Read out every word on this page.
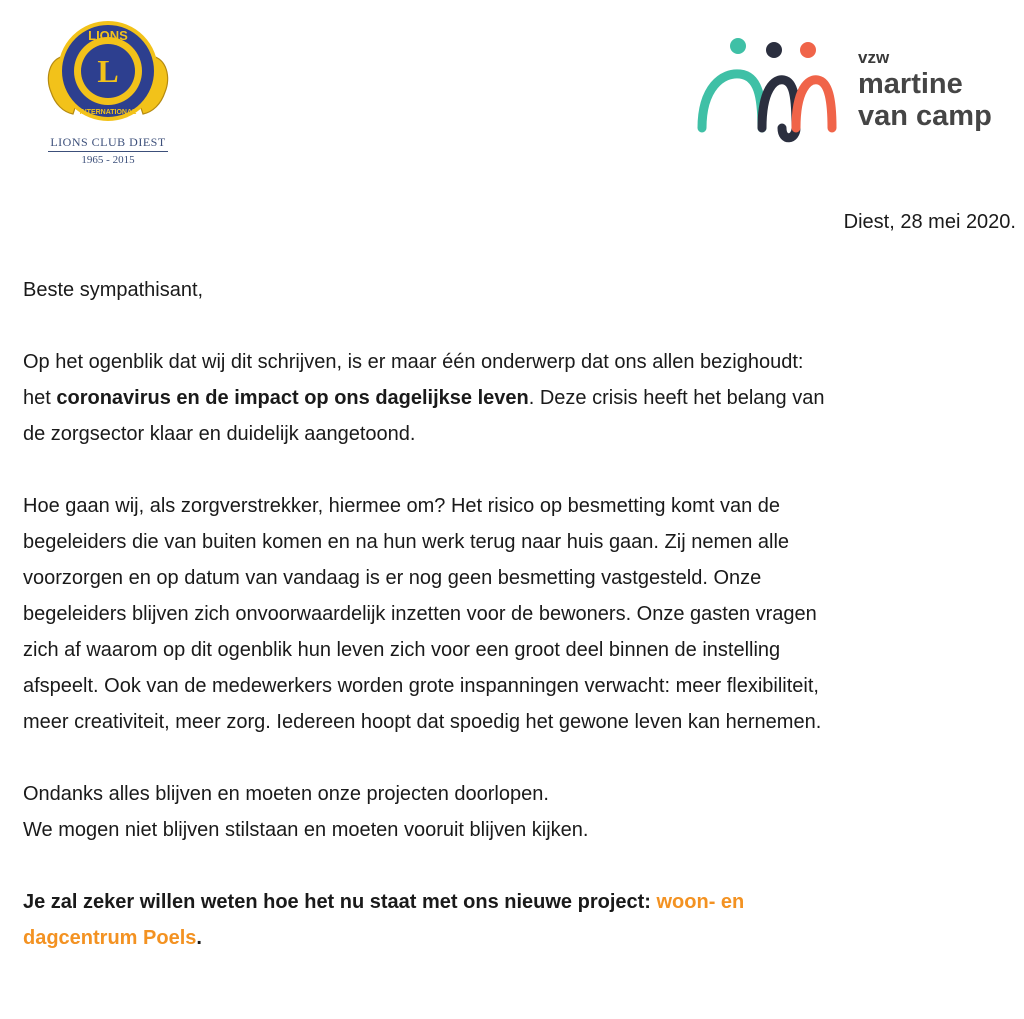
LIONS
INTERNATIONAL
L
LIONS CLUB DIEST
1965 - 2015
vzw
martine
van camp
Diest, 28 mei 2020.

Beste sympathisant,

Op het ogenblik dat wij dit schrijven, is er maar één onderwerp dat ons allen bezighoudt:
het coronavirus en de impact op ons dagelijkse leven. Deze crisis heeft het belang van
de zorgsector klaar en duidelijk aangetoond.

Hoe gaan wij, als zorgverstrekker, hiermee om? Het risico op besmetting komt van de
begeleiders die van buiten komen en na hun werk terug naar huis gaan. Zij nemen alle
voorzorgen en op datum van vandaag is er nog geen besmetting vastgesteld. Onze
begeleiders blijven zich onvoorwaardelijk inzetten voor de bewoners. Onze gasten vragen
zich af waarom op dit ogenblik hun leven zich voor een groot deel binnen de instelling
afspeelt. Ook van de medewerkers worden grote inspanningen verwacht: meer flexibiliteit,
meer creativiteit, meer zorg. Iedereen hoopt dat spoedig het gewone leven kan hernemen.

Ondanks alles blijven en moeten onze projecten doorlopen.
We mogen niet blijven stilstaan en moeten vooruit blijven kijken.

Je zal zeker willen weten hoe het nu staat met ons nieuwe project: woon- en
dagcentrum Poels.
